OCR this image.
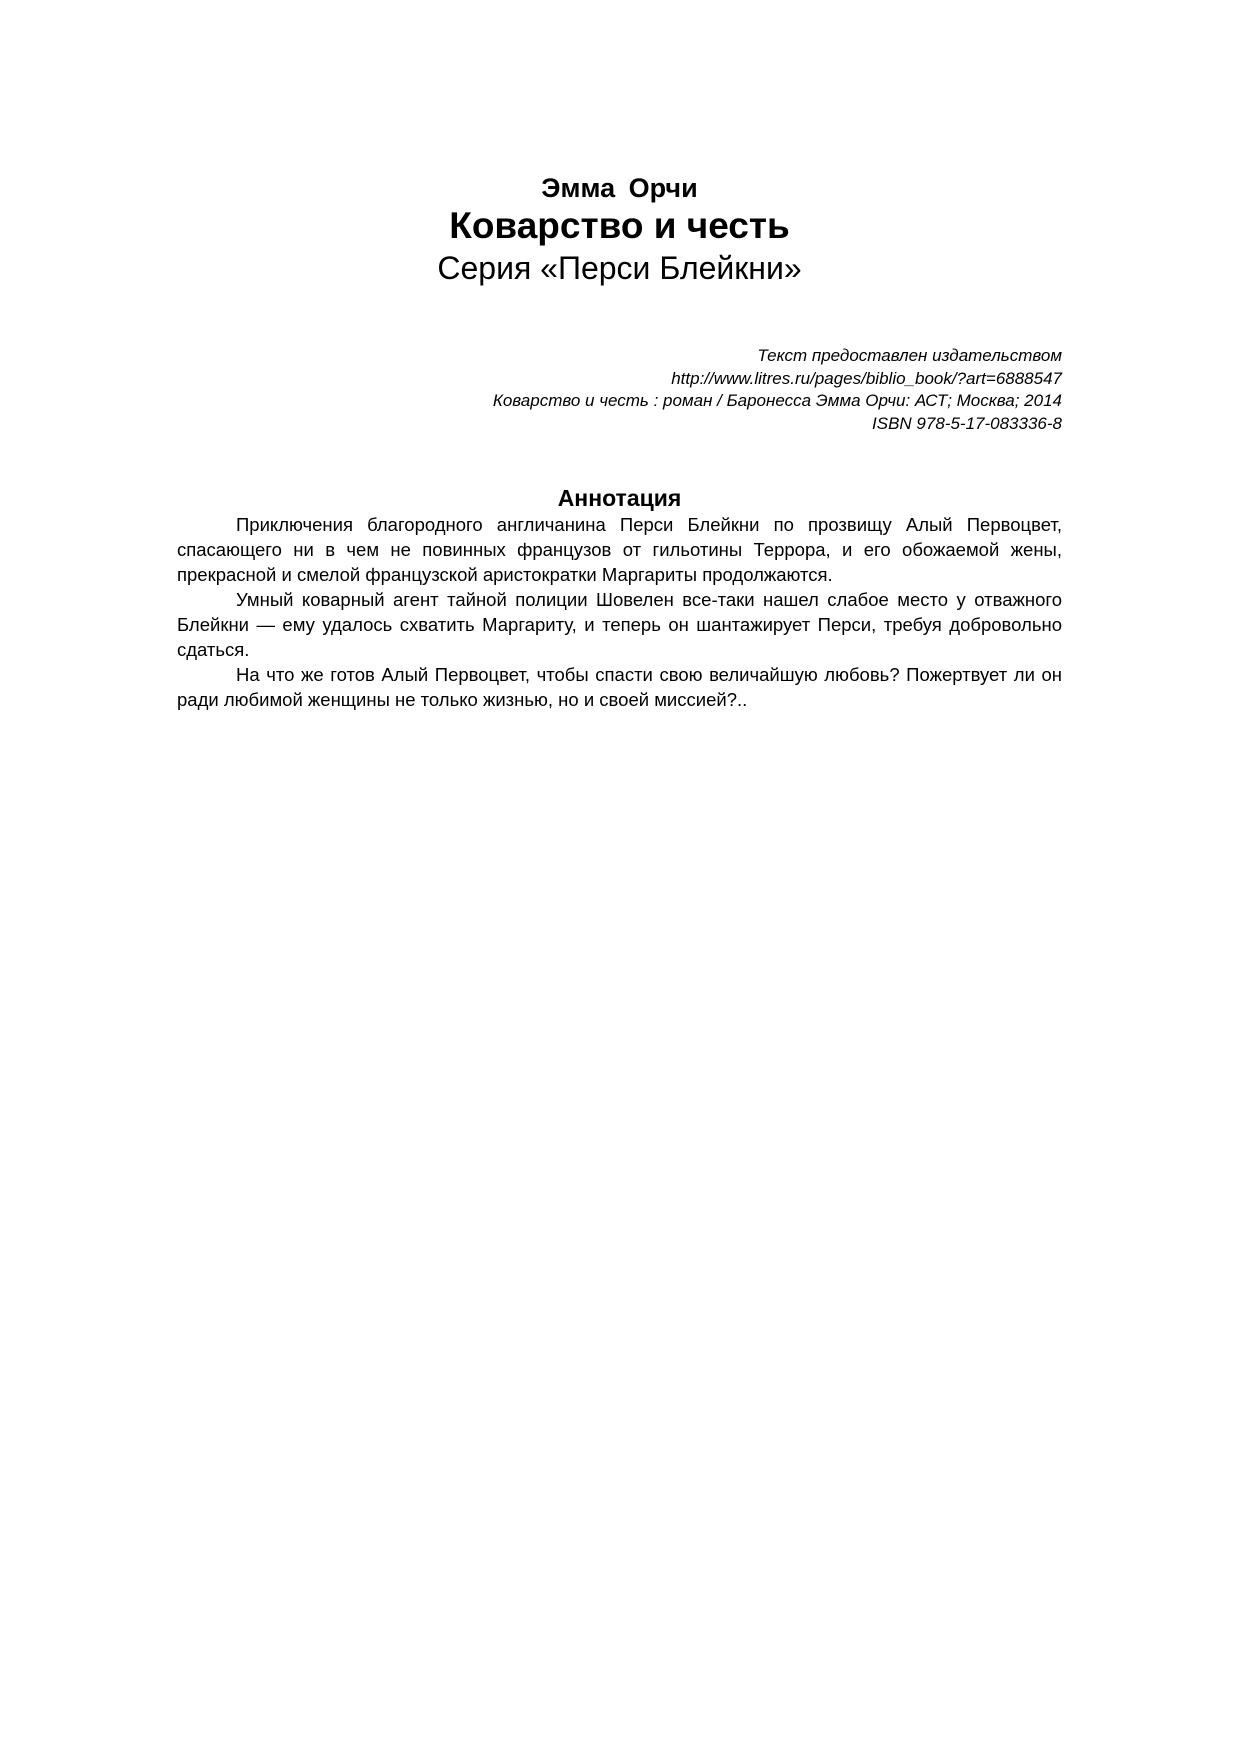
Эмма Орчи
Коварство и честь
Серия «Перси Блейкни»
Текст предоставлен издательством
http://www.litres.ru/pages/biblio_book/?art=6888547
Коварство и честь : роман / Баронесса Эмма Орчи: АСТ; Москва; 2014
ISBN 978-5-17-083336-8
Аннотация

Приключения благородного англичанина Перси Блейкни по прозвищу Алый Первоцвет, спасающего ни в чем не повинных французов от гильотины Террора, и его обожаемой жены, прекрасной и смелой французской аристократки Маргариты продолжаются.

Умный коварный агент тайной полиции Шовелен все-таки нашел слабое место у отважного Блейкни — ему удалось схватить Маргариту, и теперь он шантажирует Перси, требуя добровольно сдаться.

На что же готов Алый Первоцвет, чтобы спасти свою величайшую любовь? Пожертвует ли он ради любимой женщины не только жизнью, но и своей миссией?..
